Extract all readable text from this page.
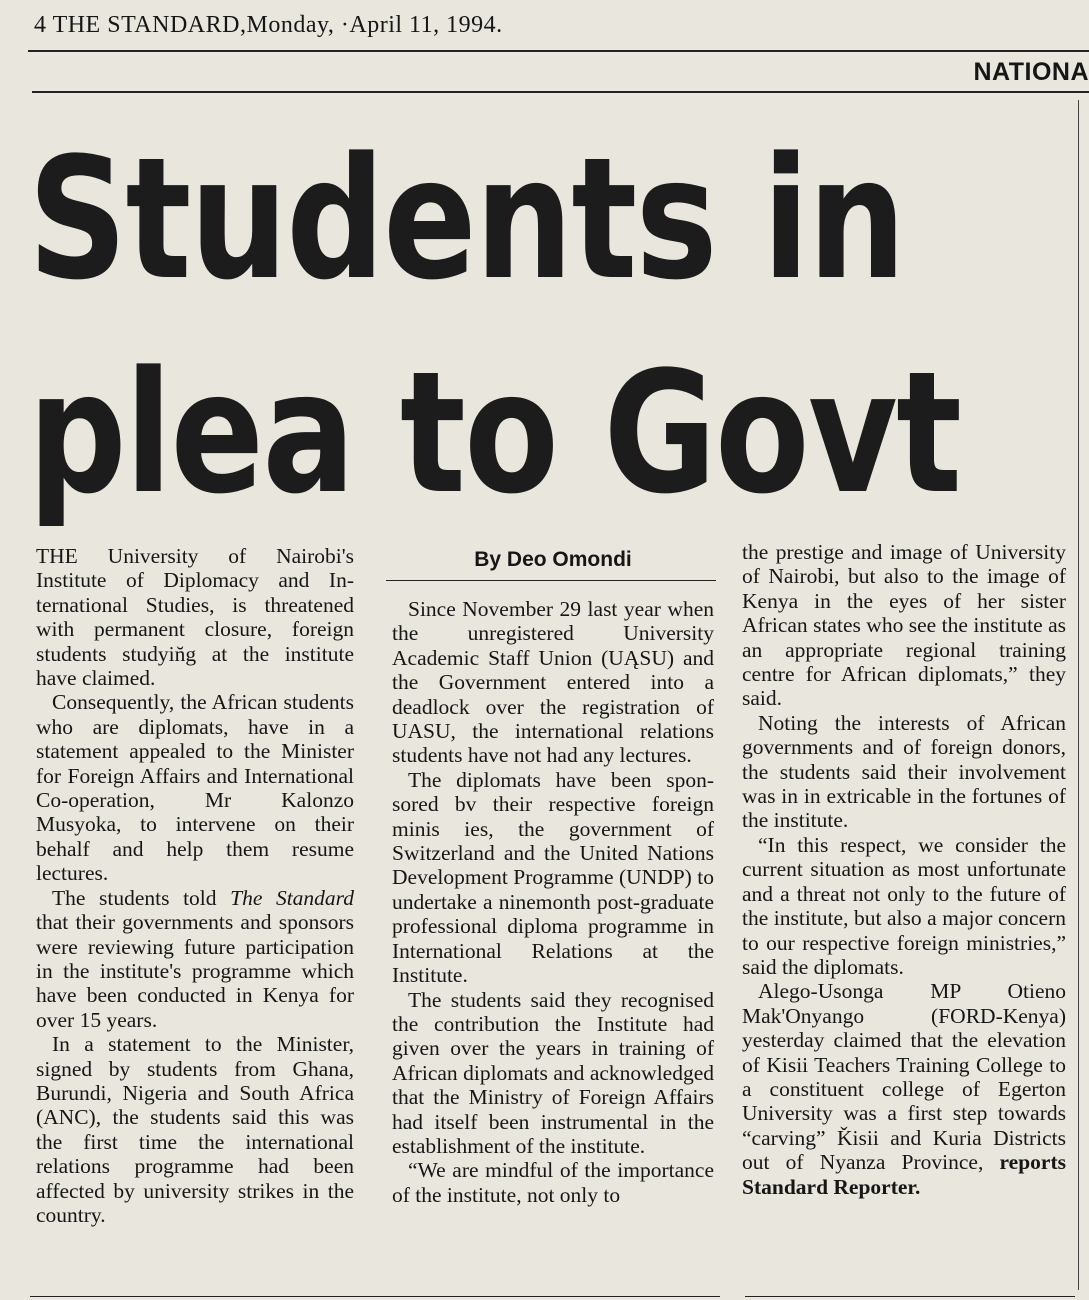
4 THE STANDARD,Monday, ·April 11, 1994.
NATIONA
Students in
plea to Govt

THE University of Nairobi's Institute of Diplomacy and International Studies, is threatened with permanent closure, foreign students studyin̆g at the institute have claimed.

Consequently, the African students who are diplomats, have in a statement appealed to the Minister for Foreign Affairs and International Co-operation, Mr Kalonzo Musyoka, to intervene on their behalf and help them resume lectures.

The students told The Standard that their governments and sponsors were reviewing future participation in the institute's programme which have been conducted in Kenya for over 15 years.

In a statement to the Minister, signed by students from Ghana, Burundi, Nigeria and South Africa (ANC), the students said this was the first time the international relations programme had been affected by university strikes in the country.

By Deo Omondi

Since November 29 last year when the unregistered University Academic Staff Union (UĄSU) and the Government entered into a deadlock over the registration of UASU, the international relations students have not had any lectures.

The diplomats have been sponsored bv their respective foreign minis ies, the government of Switzerland and the United Nations Development Programme (UNDP) to undertake a ninemonth post-graduate professional diploma programme in International Relations at the Institute.

The students said they recognised the contribution the Institute had given over the years in training of African diplomats and acknowledged that the Ministry of Foreign Affairs had itself been instrumental in the establishment of the institute.

“We are mindful of the importance of the institute, not only to

the prestige and image of University of Nairobi, but also to the image of Kenya in the eyes of her sister African states who see the institute as an appropriate regional training centre for African diplomats,” they said.

Noting the interests of African governments and of foreign donors, the students said their involvement was in in extricable in the fortunes of the institute.

“In this respect, we consider the current situation as most unfortunate and a threat not only to the future of the institute, but also a major concern to our respective foreign ministries,” said the diplomats.

Alego-Usonga MP Otieno Mak'Onyango (FORD-Kenya) yesterday claimed that the elevation of Kisii Teachers Training College to a constituent college of Egerton University was a first step towards “carving” Ǩisii and Kuria Districts out of Nyanza Province, reports Standard Reporter.
